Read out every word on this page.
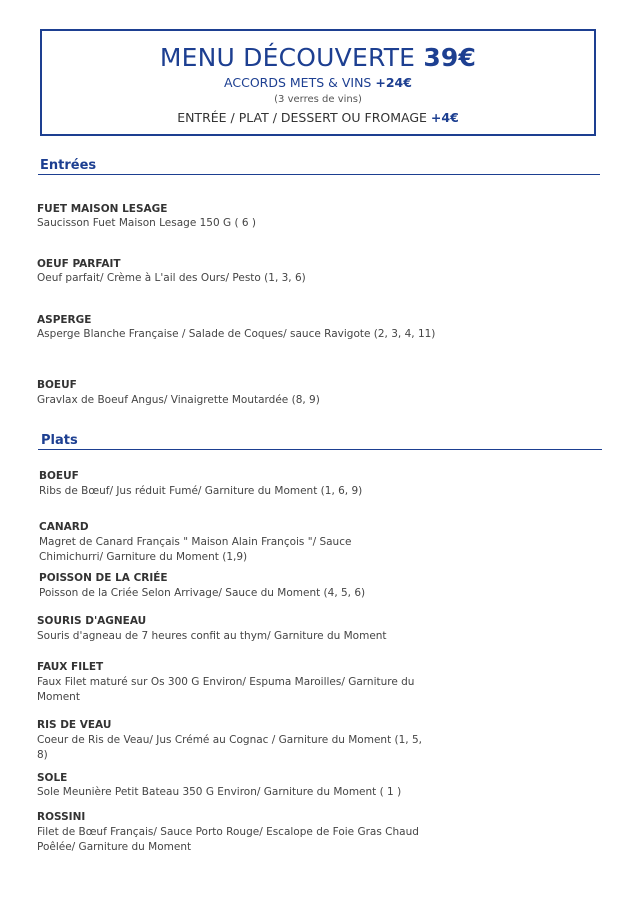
MENU DÉCOUVERTE 39€
ACCORDS METS & VINS +24€
(3 verres de vins)
ENTRÉE / PLAT / DESSERT OU FROMAGE +4€
Entrées
FUET MAISON LESAGE
Saucisson Fuet Maison Lesage 150 G ( 6 )
OEUF PARFAIT
Oeuf parfait/ Crème à L'ail des Ours/ Pesto (1, 3, 6)
ASPERGE
Asperge Blanche Française / Salade de Coques/ sauce Ravigote (2, 3, 4, 11)
BOEUF
Gravlax de Boeuf Angus/ Vinaigrette Moutardée (8, 9)
Plats
BOEUF
Ribs de Bœuf/ Jus réduit Fumé/ Garniture du Moment (1, 6, 9)
CANARD
Magret de Canard Français " Maison Alain François "/ Sauce Chimichurri/ Garniture du Moment (1,9)
POISSON DE LA CRIÉE
Poisson de la Criée Selon Arrivage/ Sauce du Moment (4, 5, 6)
SOURIS D'AGNEAU
Souris d'agneau de 7 heures confit au thym/ Garniture du Moment
FAUX FILET
Faux Filet maturé sur Os 300 G Environ/ Espuma Maroilles/ Garniture du Moment
RIS DE VEAU
Coeur de Ris de Veau/ Jus Crémé au Cognac / Garniture du Moment (1, 5, 8)
SOLE
Sole Meunière Petit Bateau 350 G Environ/ Garniture du Moment ( 1 )
ROSSINI
Filet de Bœuf Français/ Sauce Porto Rouge/ Escalope de Foie Gras Chaud Poêlée/ Garniture du Moment
